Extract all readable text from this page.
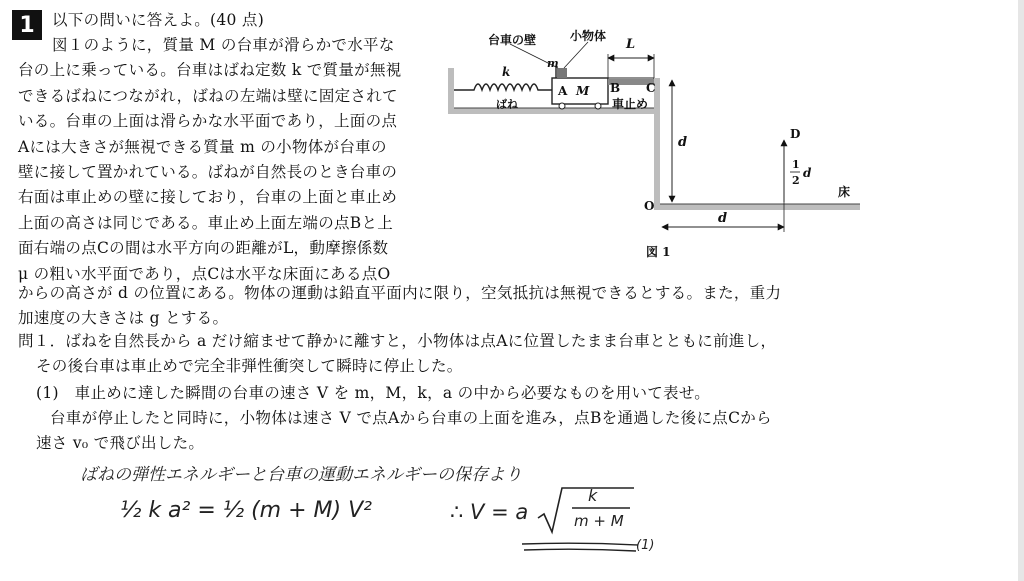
1	以下の問いに答えよ。(40 点)
図１のように，質量 M の台車が滑らかで水平な
台の上に乗っている。台車はばね定数 k で質量が無視
できるばねにつながれ，ばねの左端は壁に固定されて
いる。台車の上面は滑らかな水平面であり，上面の点
Aには大きさが無視できる質量 m の小物体が台車の
壁に接して置かれている。ばねが自然長のとき台車の
右面は車止めの壁に接しており，台車の上面と車止め
上面の高さは同じである。車止め上面左端の点Bと上
面右端の点Cの間は水平方向の距離がL，動摩擦係数
μ の粗い水平面であり，点Cは水平な床面にある点O
からの高さが d の位置にある。物体の運動は鉛直平面内に限り，空気抵抗は無視できるとする。また，重力
加速度の大きさは g とする。
問１．ばねを自然長から a だけ縮ませて静かに離すと，小物体は点Aに位置したまま台車とともに前進し，
その後台車は車止めで完全非弾性衝突して瞬時に停止した。
(1)　車止めに達した瞬間の台車の速さ V を m，M，k，a の中から必要なものを用いて表せ。
台車が停止したと同時に，小物体は速さ V で点Aから台車の上面を進み，点Bを通過した後に点Cから
速さ v₀ で飛び出した。
台車の壁	小物体
L
k
m
A M B C
ばね	車止め
d
D
1
2
d
床
O
d
図 1
ばねの弾性エネルギーと台車の運動エネルギーの保存より
½ k a² = ½ (m + M) V²	∴ V = a
k
m + M
(1)
